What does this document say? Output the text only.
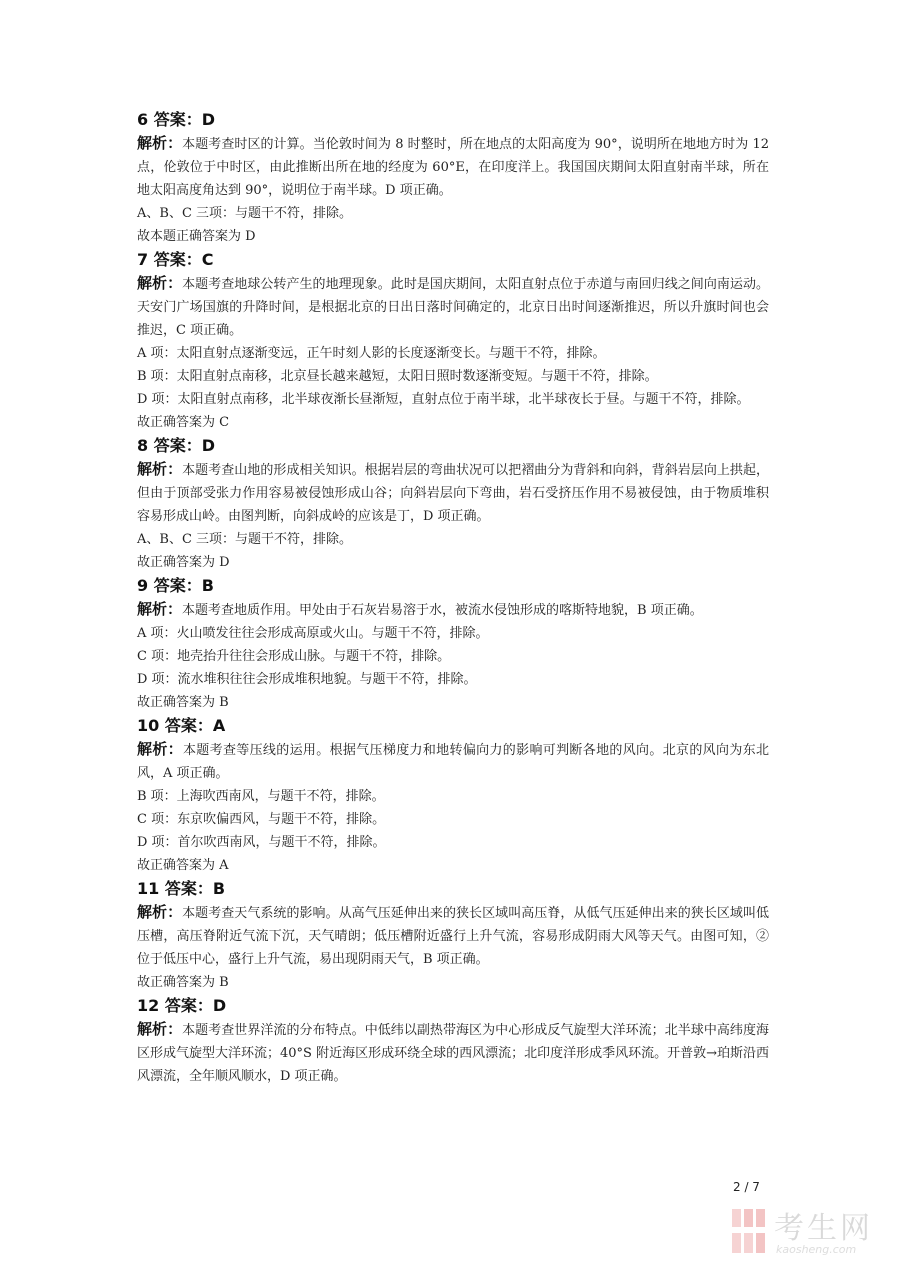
6 答案：D
解析：本题考查时区的计算。当伦敦时间为 8 时整时，所在地点的太阳高度为 90°，说明所在地地方时为 12 点，伦敦位于中时区，由此推断出所在地的经度为 60°E，在印度洋上。我国国庆期间太阳直射南半球，所在地太阳高度角达到 90°，说明位于南半球。D 项正确。
A、B、C 三项：与题干不符，排除。
故本题正确答案为 D
7 答案：C
解析：本题考查地球公转产生的地理现象。此时是国庆期间，太阳直射点位于赤道与南回归线之间向南运动。天安门广场国旗的升降时间，是根据北京的日出日落时间确定的，北京日出时间逐渐推迟，所以升旗时间也会推迟，C 项正确。
A 项：太阳直射点逐渐变远，正午时刻人影的长度逐渐变长。与题干不符，排除。
B 项：太阳直射点南移，北京昼长越来越短，太阳日照时数逐渐变短。与题干不符，排除。
D 项：太阳直射点南移，北半球夜渐长昼渐短，直射点位于南半球，北半球夜长于昼。与题干不符，排除。
故正确答案为 C
8 答案：D
解析：本题考查山地的形成相关知识。根据岩层的弯曲状况可以把褶曲分为背斜和向斜，背斜岩层向上拱起，但由于顶部受张力作用容易被侵蚀形成山谷；向斜岩层向下弯曲，岩石受挤压作用不易被侵蚀，由于物质堆积容易形成山岭。由图判断，向斜成岭的应该是丁，D 项正确。
A、B、C 三项：与题干不符，排除。
故正确答案为 D
9 答案：B
解析：本题考查地质作用。甲处由于石灰岩易溶于水，被流水侵蚀形成的喀斯特地貌，B 项正确。
A 项：火山喷发往往会形成高原或火山。与题干不符，排除。
C 项：地壳抬升往往会形成山脉。与题干不符，排除。
D 项：流水堆积往往会形成堆积地貌。与题干不符，排除。
故正确答案为 B
10 答案：A
解析：本题考查等压线的运用。根据气压梯度力和地转偏向力的影响可判断各地的风向。北京的风向为东北风，A 项正确。
B 项：上海吹西南风，与题干不符，排除。
C 项：东京吹偏西风，与题干不符，排除。
D 项：首尔吹西南风，与题干不符，排除。
故正确答案为 A
11 答案：B
解析：本题考查天气系统的影响。从高气压延伸出来的狭长区域叫高压脊，从低气压延伸出来的狭长区域叫低压槽，高压脊附近气流下沉，天气晴朗；低压槽附近盛行上升气流，容易形成阴雨大风等天气。由图可知，②位于低压中心，盛行上升气流，易出现阴雨天气，B 项正确。
故正确答案为 B
12 答案：D
解析：本题考查世界洋流的分布特点。中低纬以副热带海区为中心形成反气旋型大洋环流；北半球中高纬度海区形成气旋型大洋环流；40°S 附近海区形成环绕全球的西风漂流；北印度洋形成季风环流。开普敦→珀斯沿西风漂流，全年顺风顺水，D 项正确。
2 / 7
考生网
kaosheng.com
